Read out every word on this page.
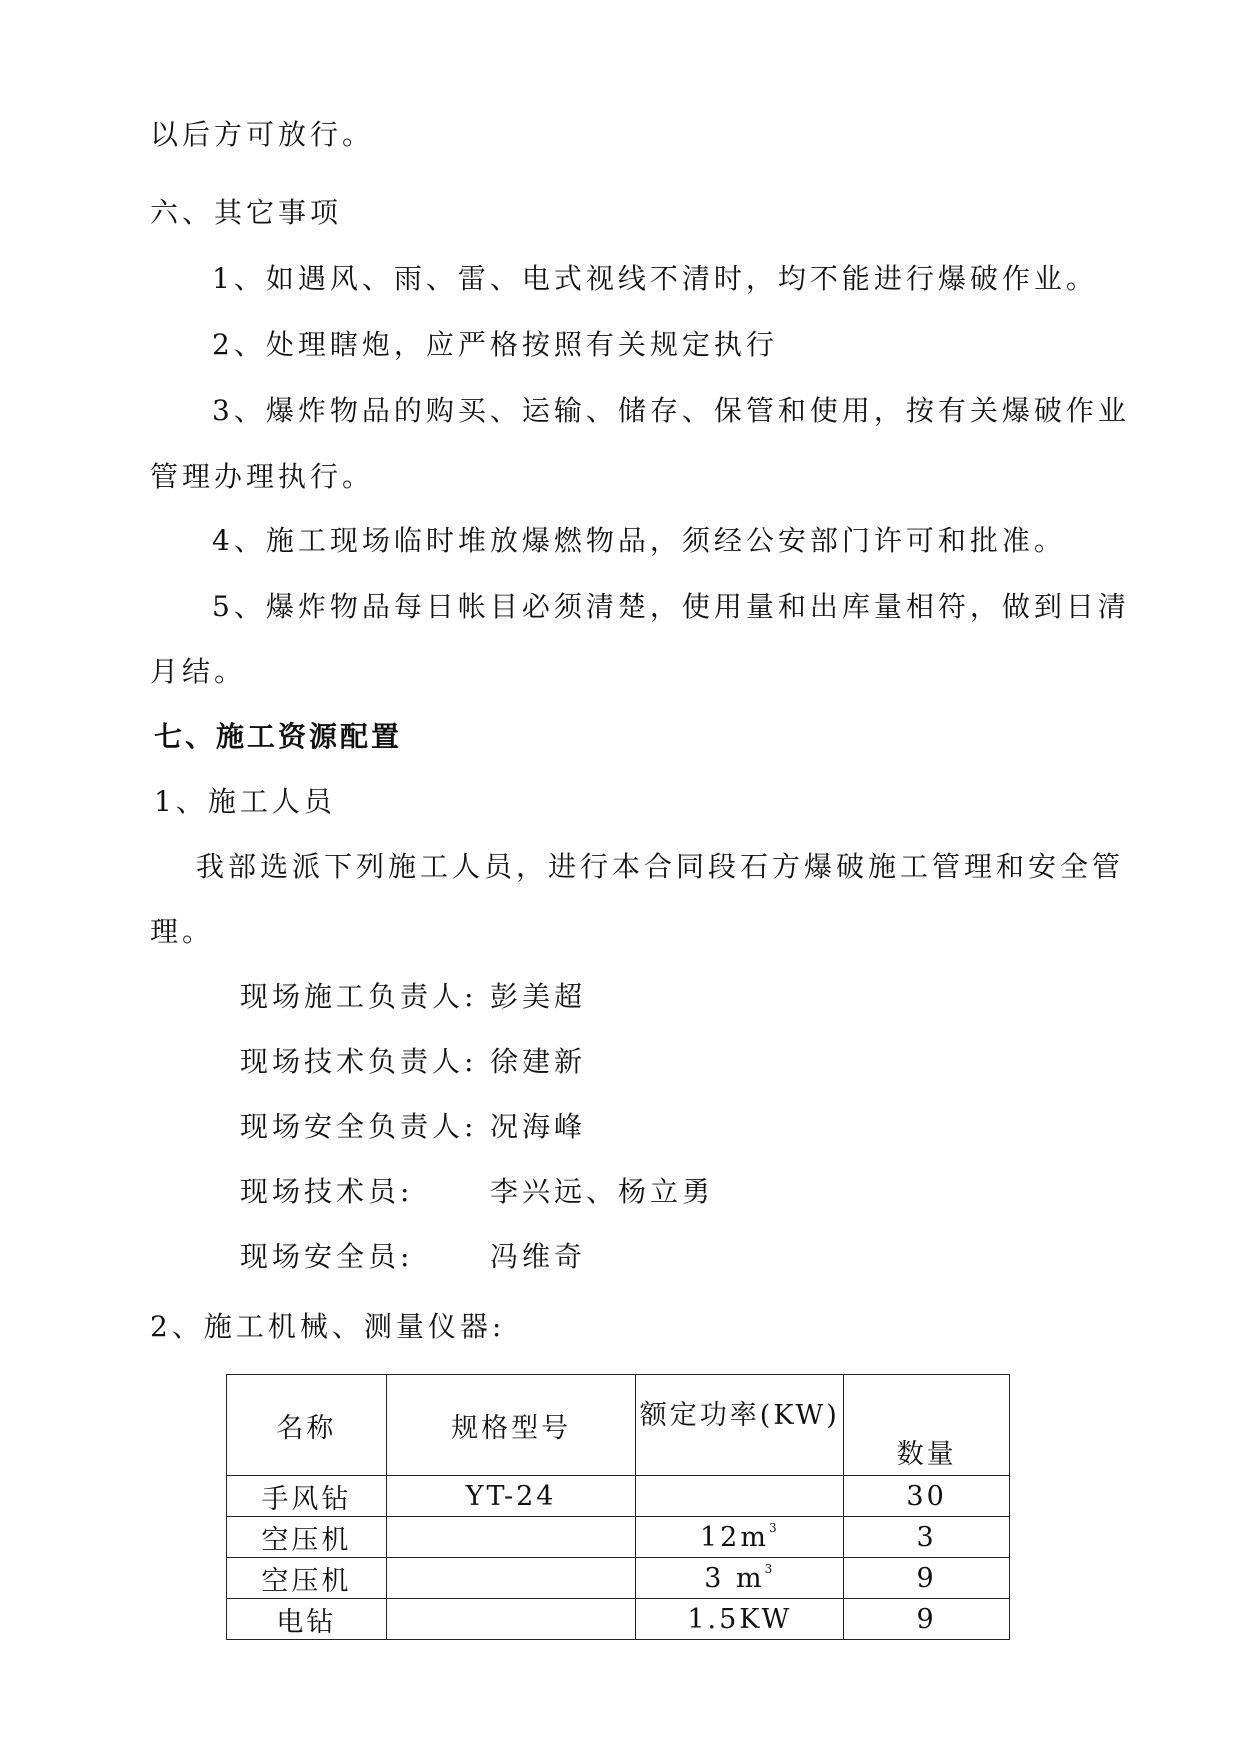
以后方可放行。
六、其它事项
1、如遇风、雨、雷、电式视线不清时，均不能进行爆破作业。
2、处理瞎炮，应严格按照有关规定执行
3、爆炸物品的购买、运输、储存、保管和使用，按有关爆破作业
管理办理执行。
4、施工现场临时堆放爆燃物品，须经公安部门许可和批准。
5、爆炸物品每日帐目必须清楚，使用量和出库量相符，做到日清
月结。
七、施工资源配置
1、施工人员
我部选派下列施工人员，进行本合同段石方爆破施工管理和安全管
理。
现场施工负责人: 彭美超
现场技术负责人: 徐建新
现场安全负责人: 况海峰
现场技术员:	李兴远、杨立勇
现场安全员:	冯维奇
2、施工机械、测量仪器:
名称	规格型号	额定功率(KW)	数量
手风钻	YT-24		30
空压机		$12m^3$	3
空压机		3 $m^3$	9
电钻		1.5KW	9
